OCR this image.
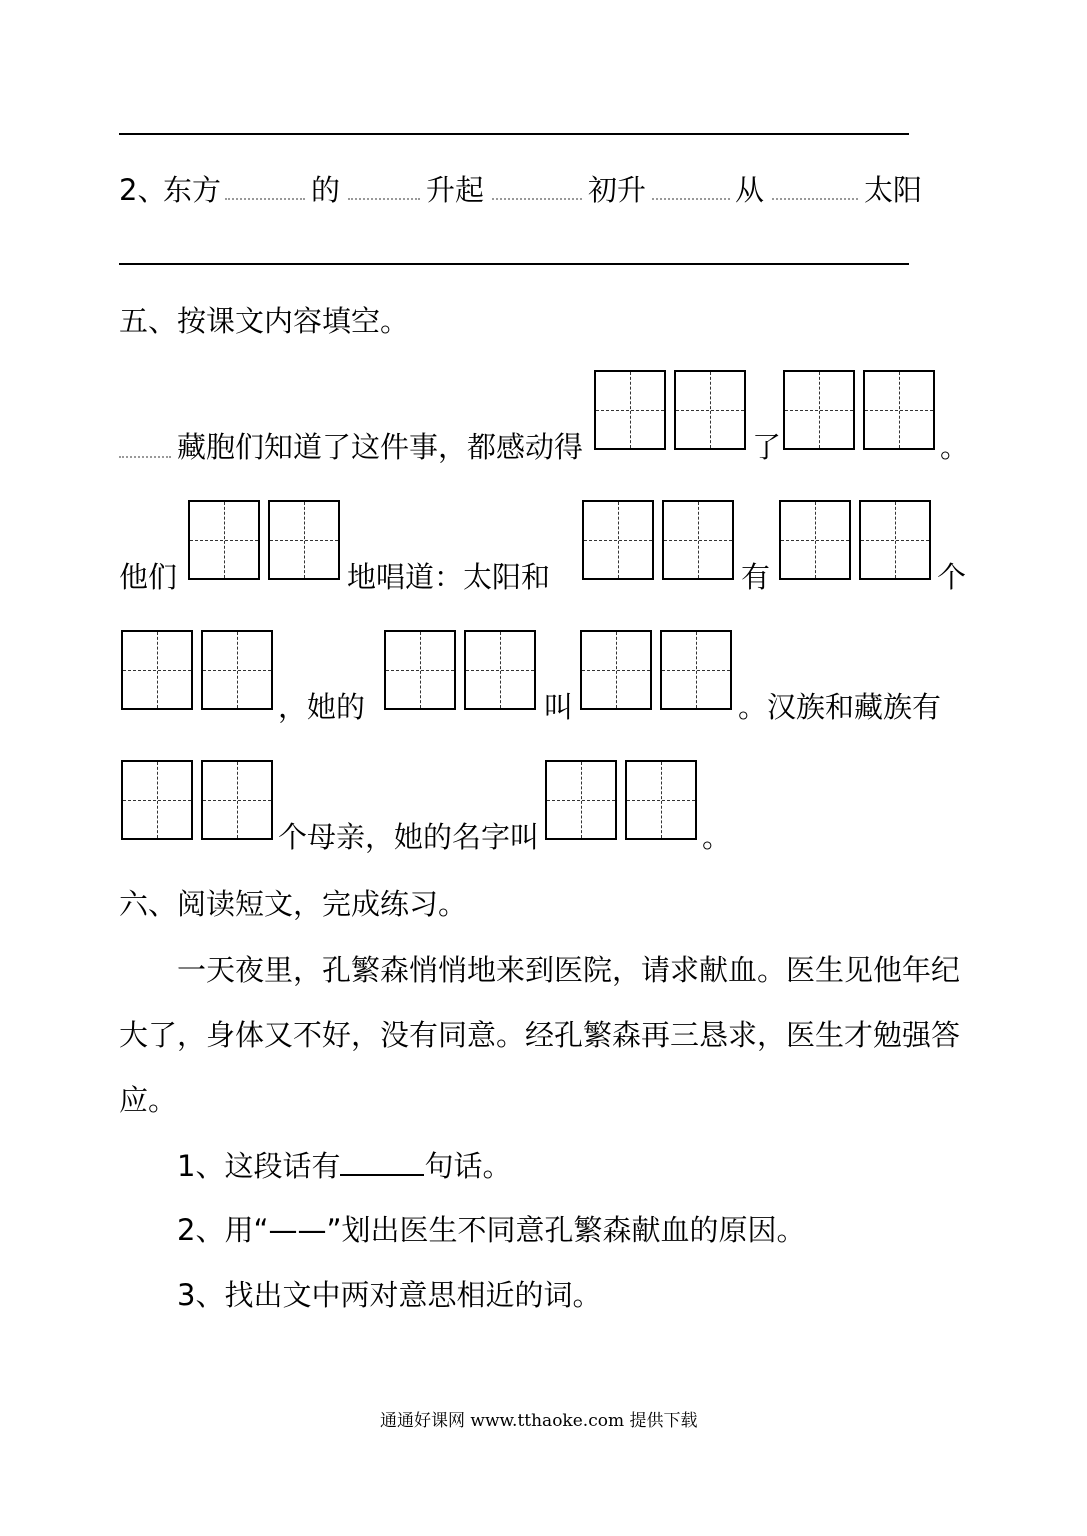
2、
东方	的	升起	初升	从	太阳
五、按课文内容填空。
藏胞们知道了这件事，都感动得	了	。
他们	地唱道：太阳和	有	个
，她的	叫	。汉族和藏族有
个母亲，她的名字叫	。
六、阅读短文，完成练习。
一天夜里，孔繁森悄悄地来到医院，请求献血。医生见他年纪
大了，身体又不好，没有同意。经孔繁森再三恳求，医生才勉强答
应。
1、这段话有	句话。
2、用“——”划出医生不同意孔繁森献血的原因。
3、找出文中两对意思相近的词。
通通好课网 www.tthaoke.com 提供下载
